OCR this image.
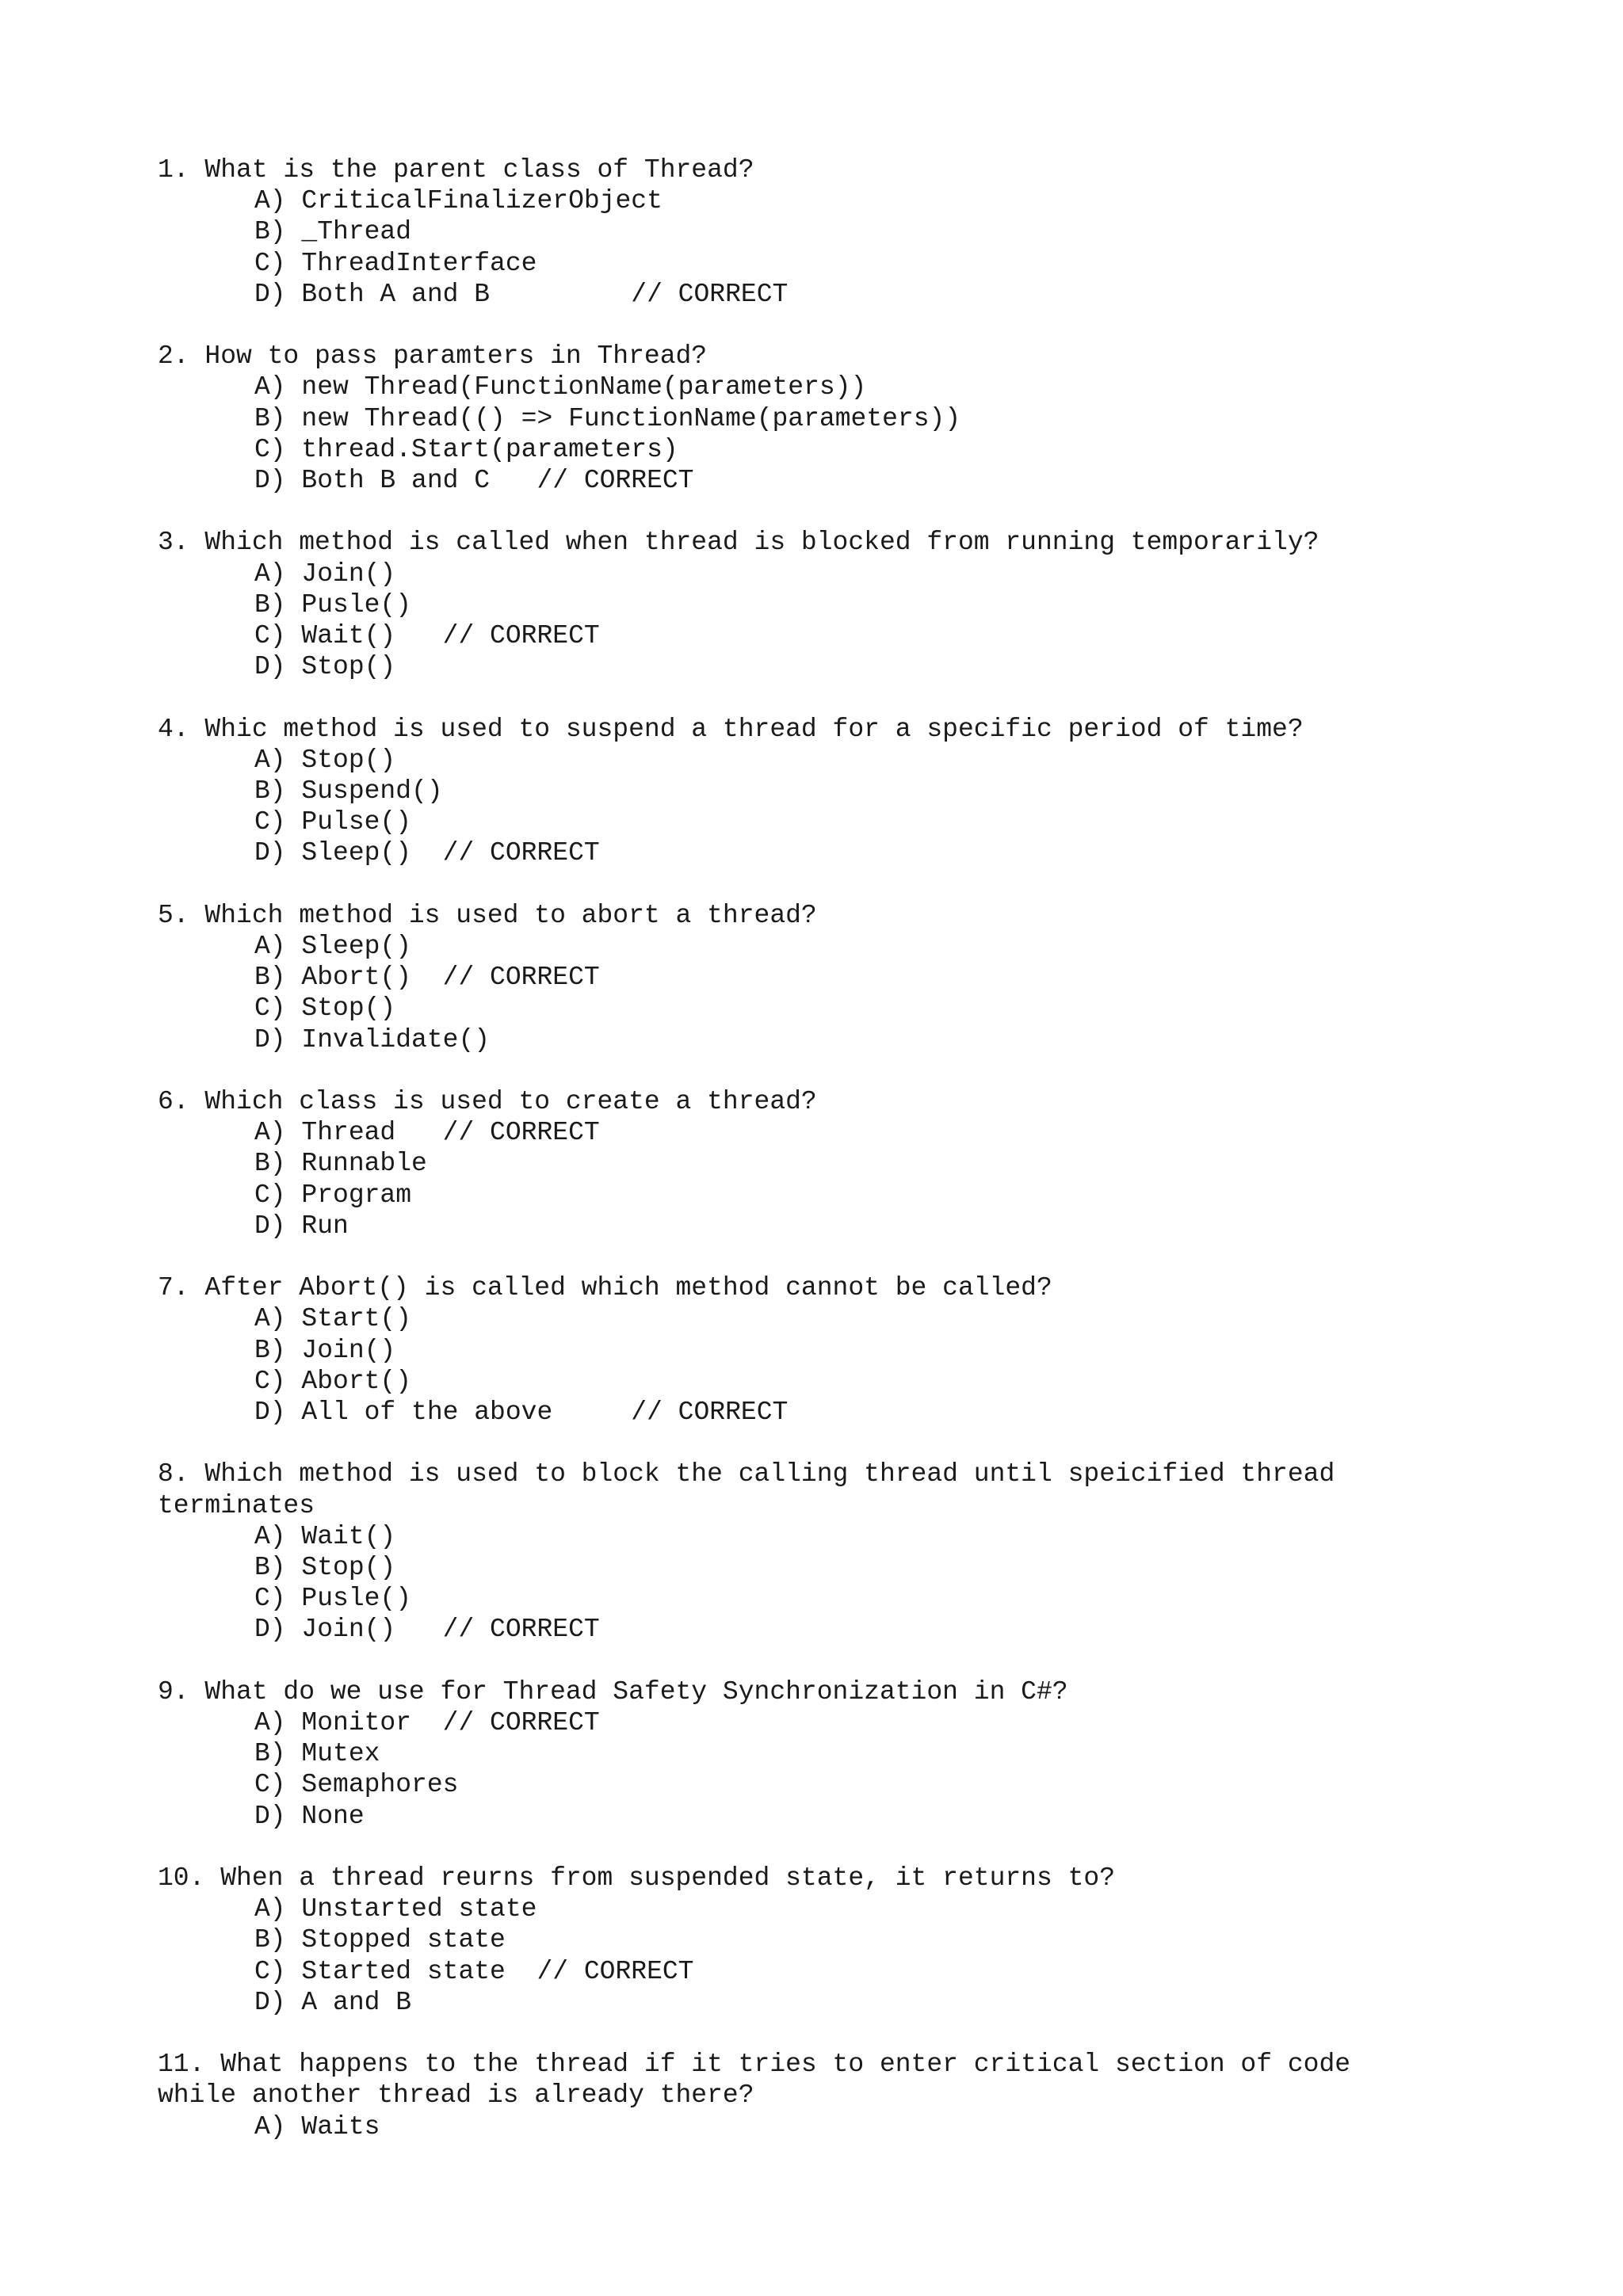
1. What is the parent class of Thread?
A) CriticalFinalizerObject
B) _Thread
C) ThreadInterface
D) Both A and B         // CORRECT
2. How to pass paramters in Thread?
A) new Thread(FunctionName(parameters))
B) new Thread(() => FunctionName(parameters))
C) thread.Start(parameters)
D) Both B and C   // CORRECT
3. Which method is called when thread is blocked from running temporarily?
A) Join()
B) Pusle()
C) Wait()   // CORRECT
D) Stop()
4. Whic method is used to suspend a thread for a specific period of time?
A) Stop()
B) Suspend()
C) Pulse()
D) Sleep()  // CORRECT
5. Which method is used to abort a thread?
A) Sleep()
B) Abort()  // CORRECT
C) Stop()
D) Invalidate()
6. Which class is used to create a thread?
A) Thread   // CORRECT
B) Runnable
C) Program
D) Run
7. After Abort() is called which method cannot be called?
A) Start()
B) Join()
C) Abort()
D) All of the above     // CORRECT
8. Which method is used to block the calling thread until speicified thread
terminates
A) Wait()
B) Stop()
C) Pusle()
D) Join()   // CORRECT
9. What do we use for Thread Safety Synchronization in C#?
A) Monitor  // CORRECT
B) Mutex
C) Semaphores
D) None
10. When a thread reurns from suspended state, it returns to?
A) Unstarted state
B) Stopped state
C) Started state  // CORRECT
D) A and B
11. What happens to the thread if it tries to enter critical section of code
while another thread is already there?
A) Waits
